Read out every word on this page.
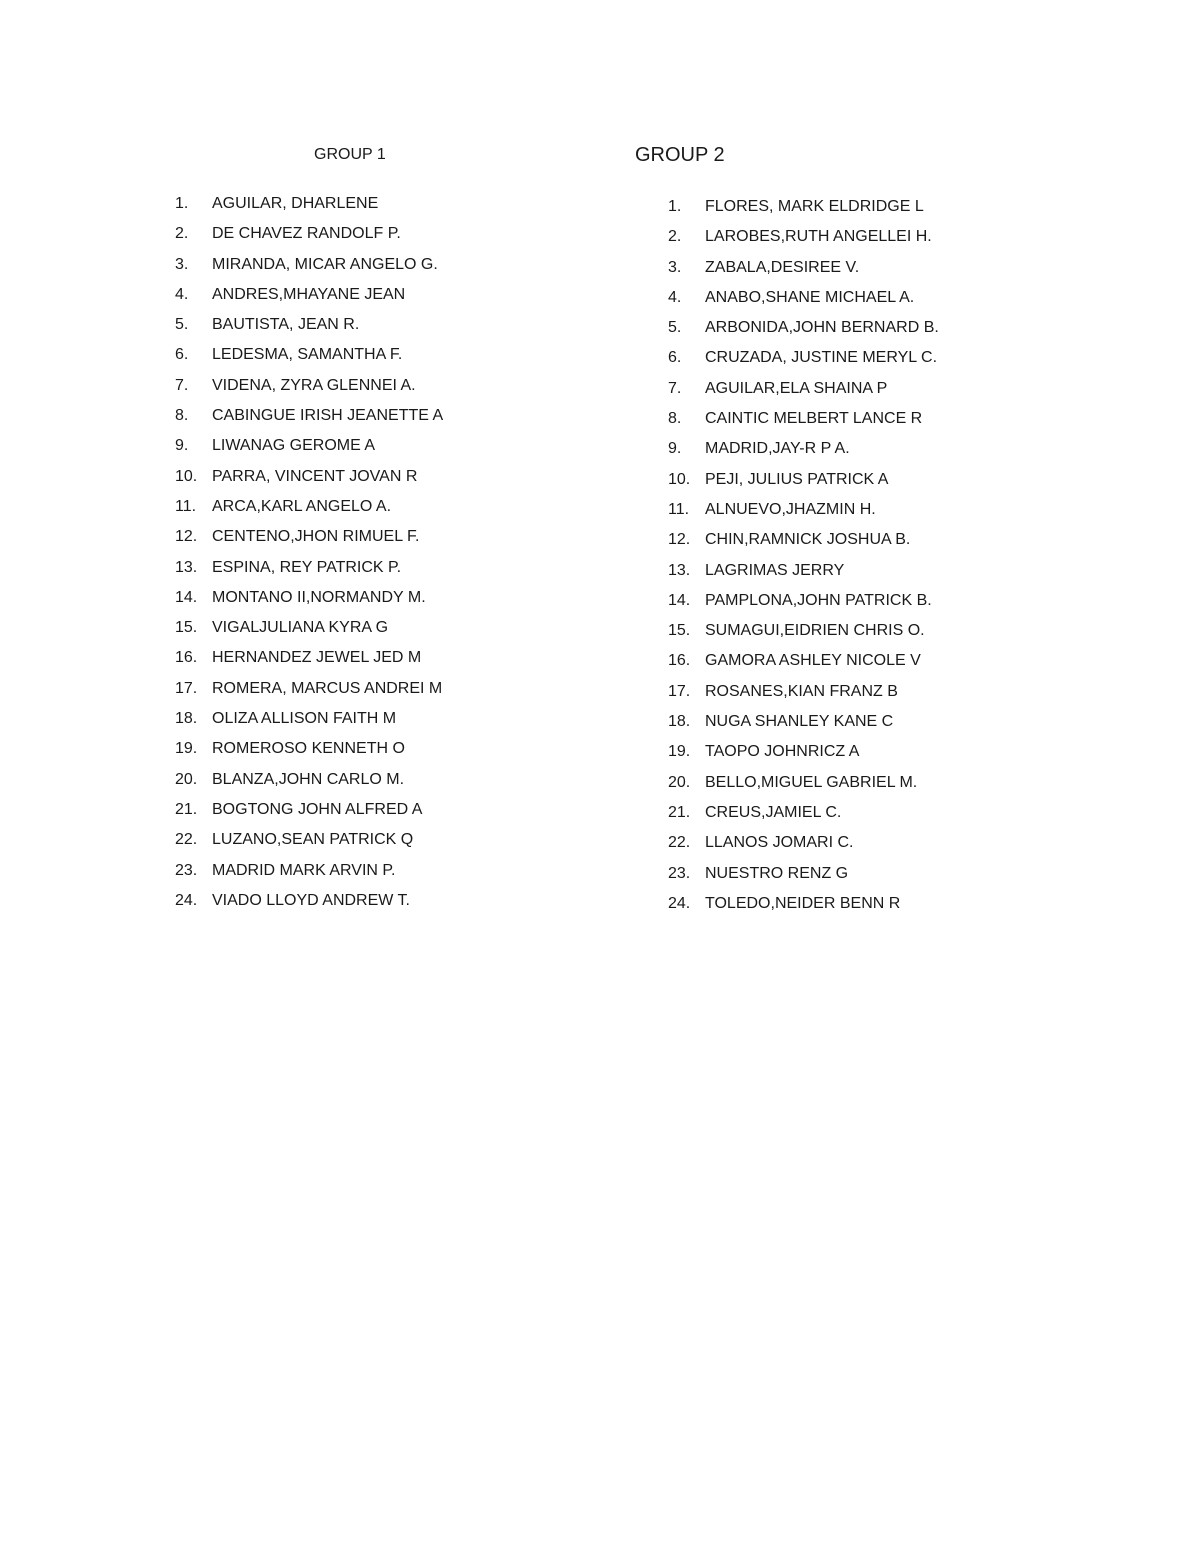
GROUP 1
1.	AGUILAR, DHARLENE
2.	DE CHAVEZ RANDOLF P.
3.	MIRANDA, MICAR ANGELO G.
4.	ANDRES,MHAYANE JEAN
5.	BAUTISTA, JEAN R.
6.	LEDESMA, SAMANTHA F.
7.	VIDENA, ZYRA GLENNEI A.
8.	CABINGUE IRISH JEANETTE A
9.	LIWANAG GEROME A
10. PARRA, VINCENT JOVAN R
11. ARCA,KARL ANGELO A.
12. CENTENO,JHON RIMUEL F.
13. ESPINA, REY PATRICK P.
14. MONTANO II,NORMANDY M.
15. VIGALJULIANA KYRA G
16. HERNANDEZ JEWEL JED M
17. ROMERA, MARCUS ANDREI M
18. OLIZA ALLISON FAITH M
19. ROMEROSO KENNETH O
20. BLANZA,JOHN CARLO M.
21. BOGTONG JOHN ALFRED A
22. LUZANO,SEAN PATRICK Q
23. MADRID MARK ARVIN P.
24. VIADO LLOYD ANDREW T.
GROUP 2
1.	FLORES, MARK ELDRIDGE L
2.	LAROBES,RUTH ANGELLEI H.
3.	ZABALA,DESIREE V.
4.	ANABO,SHANE MICHAEL A.
5.	ARBONIDA,JOHN BERNARD B.
6.	CRUZADA, JUSTINE MERYL C.
7.	AGUILAR,ELA SHAINA P
8.	CAINTIC MELBERT LANCE R
9.	MADRID,JAY-R P A.
10. PEJI, JULIUS PATRICK A
11. ALNUEVO,JHAZMIN H.
12. CHIN,RAMNICK JOSHUA B.
13. LAGRIMAS JERRY
14. PAMPLONA,JOHN PATRICK B.
15. SUMAGUI,EIDRIEN CHRIS O.
16. GAMORA ASHLEY NICOLE V
17. ROSANES,KIAN FRANZ B
18. NUGA SHANLEY KANE C
19. TAOPO JOHNRICZ A
20. BELLO,MIGUEL GABRIEL M.
21. CREUS,JAMIEL C.
22. LLANOS JOMARI C.
23. NUESTRO RENZ G
24. TOLEDO,NEIDER BENN R
